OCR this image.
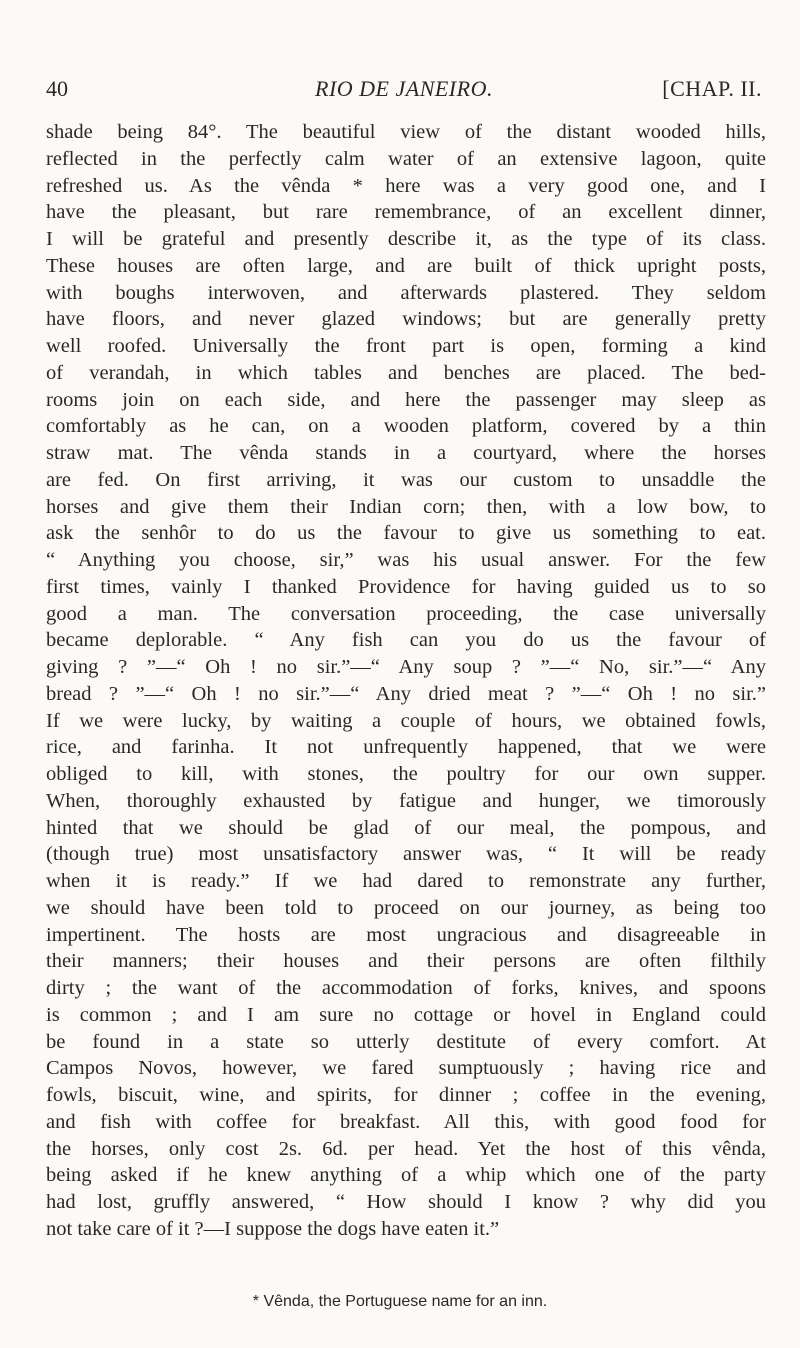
40	RIO DE JANEIRO.	[CHAP. II.
shade being 84°. The beautiful view of the distant wooded hills,
reflected in the perfectly calm water of an extensive lagoon, quite
refreshed us. As the vênda * here was a very good one, and I
have the pleasant, but rare remembrance, of an excellent dinner,
I will be grateful and presently describe it, as the type of its class.
These houses are often large, and are built of thick upright posts,
with boughs interwoven, and afterwards plastered. They seldom
have floors, and never glazed windows; but are generally pretty
well roofed. Universally the front part is open, forming a kind
of verandah, in which tables and benches are placed. The bed-
rooms join on each side, and here the passenger may sleep as
comfortably as he can, on a wooden platform, covered by a thin
straw mat. The vênda stands in a courtyard, where the horses
are fed. On first arriving, it was our custom to unsaddle the
horses and give them their Indian corn; then, with a low bow, to
ask the senhôr to do us the favour to give us something to eat.
“ Anything you choose, sir,” was his usual answer. For the few
first times, vainly I thanked Providence for having guided us to so
good a man. The conversation proceeding, the case universally
became deplorable. “ Any fish can you do us the favour of
giving ? ”—“ Oh ! no sir.”—“ Any soup ? ”—“ No, sir.”—“ Any
bread ? ”—“ Oh ! no sir.”—“ Any dried meat ? ”—“ Oh ! no sir.”
If we were lucky, by waiting a couple of hours, we obtained fowls,
rice, and farinha. It not unfrequently happened, that we were
obliged to kill, with stones, the poultry for our own supper.
When, thoroughly exhausted by fatigue and hunger, we timorously
hinted that we should be glad of our meal, the pompous, and
(though true) most unsatisfactory answer was, “ It will be ready
when it is ready.” If we had dared to remonstrate any further,
we should have been told to proceed on our journey, as being too
impertinent. The hosts are most ungracious and disagreeable in
their manners; their houses and their persons are often filthily
dirty ; the want of the accommodation of forks, knives, and spoons
is common ; and I am sure no cottage or hovel in England could
be found in a state so utterly destitute of every comfort. At
Campos Novos, however, we fared sumptuously ; having rice and
fowls, biscuit, wine, and spirits, for dinner ; coffee in the evening,
and fish with coffee for breakfast. All this, with good food for
the horses, only cost 2s. 6d. per head. Yet the host of this vênda,
being asked if he knew anything of a whip which one of the party
had lost, gruffly answered, “ How should I know ? why did you
not take care of it ?—I suppose the dogs have eaten it.”
* Vênda, the Portuguese name for an inn.
